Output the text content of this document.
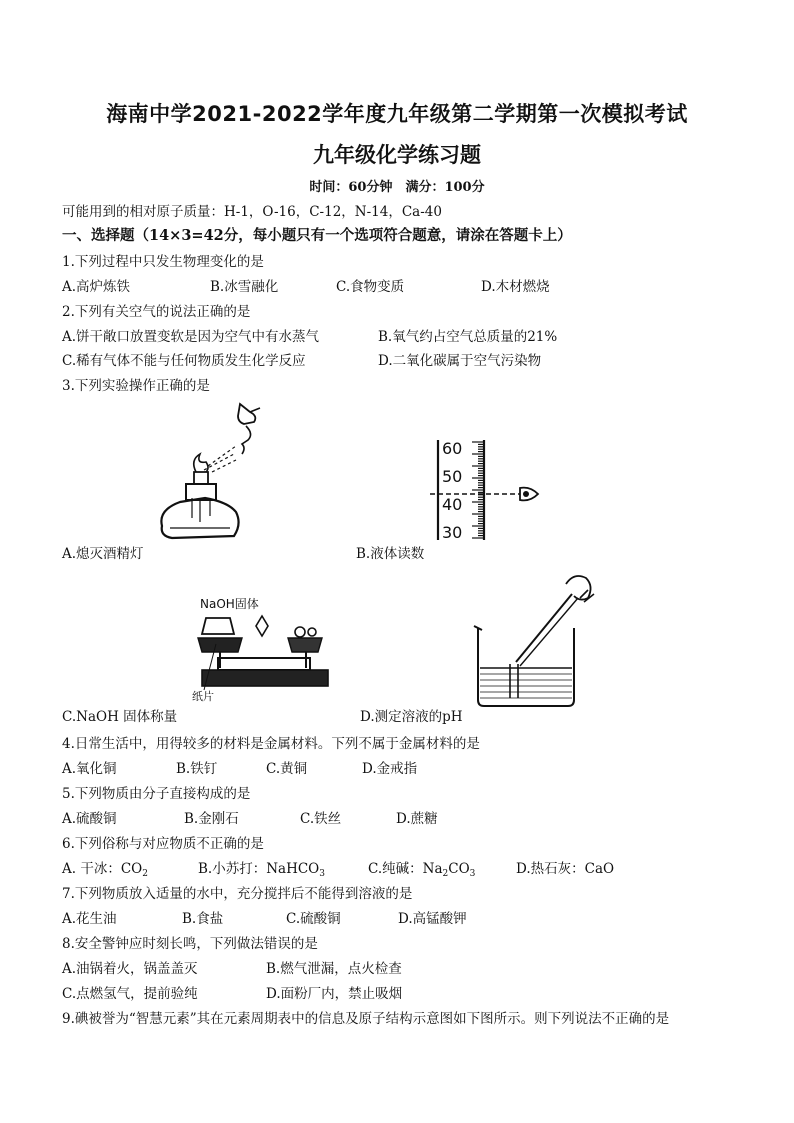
海南中学2021-2022学年度九年级第二学期第一次模拟考试
九年级化学练习题
时间：60分钟　满分：100分
可能用到的相对原子质量：H-1，O-16，C-12，N-14，Ca-40
一、选择题（14×3=42分，每小题只有一个选项符合题意，请涂在答题卡上）
1.下列过程中只发生物理变化的是
A.高炉炼铁	B.冰雪融化	C.食物变质	D.木材燃烧
2.下列有关空气的说法正确的是
A.饼干敞口放置变软是因为空气中有水蒸气	B.氧气约占空气总质量的21%
C.稀有气体不能与任何物质发生化学反应	D.二氧化碳属于空气污染物
3.下列实验操作正确的是
60
50
40
30
A.熄灭酒精灯	B.液体读数
NaOH固体
纸片
C.NaOH 固体称量	D.测定溶液的pH
4.日常生活中，用得较多的材料是金属材料。下列不属于金属材料的是
A.氧化铜	B.铁钉	C.黄铜	D.金戒指
5.下列物质由分子直接构成的是
A.硫酸铜	B.金刚石	C.铁丝	D.蔗糖
6.下列俗称与对应物质不正确的是
A. 干冰：$CO_2$	B.小苏打：NaHCO$_3$	C.纯碱：$Na_2CO_3$	D.热石灰：CaO
7.下列物质放入适量的水中，充分搅拌后不能得到溶液的是
A.花生油	B.食盐	C.硫酸铜	D.高锰酸钾
8.安全警钟应时刻长鸣，下列做法错误的是
A.油锅着火，锅盖盖灭	B.燃气泄漏，点火检查
C.点燃氢气，提前验纯	D.面粉厂内，禁止吸烟
9.碘被誉为“智慧元素”其在元素周期表中的信息及原子结构示意图如下图所示。则下列说法不正确的是
